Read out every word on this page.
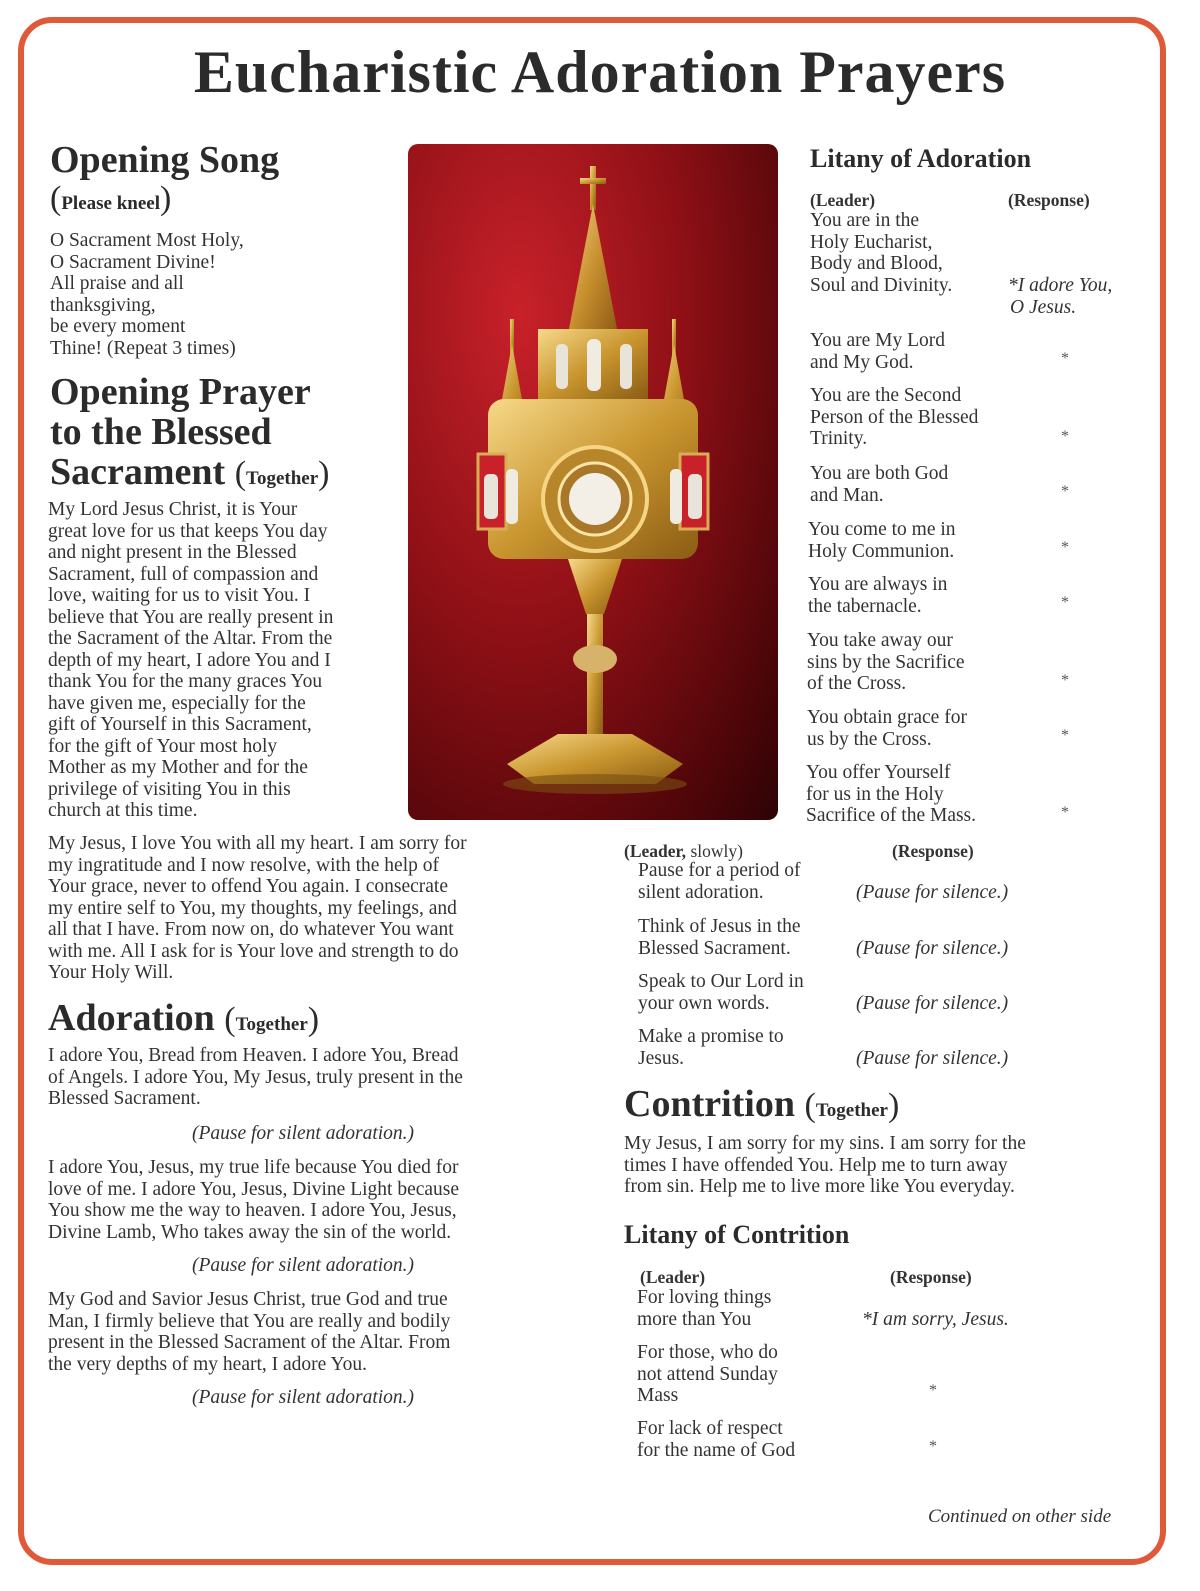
Eucharistic Adoration Prayers
Opening Song
(Please kneel)
O Sacrament Most Holy,
O Sacrament Divine!
All praise and all
thanksgiving,
be every moment
Thine! (Repeat 3 times)
Opening Prayer
to the Blessed
Sacrament (Together)
My Lord Jesus Christ, it is Your
great love for us that keeps You day
and night present in the Blessed
Sacrament, full of compassion and
love, waiting for us to visit You. I
believe that You are really present in
the Sacrament of the Altar. From the
depth of my heart, I adore You and I
thank You for the many graces You
have given me, especially for the
gift of Yourself in this Sacrament,
for the gift of Your most holy
Mother as my Mother and for the
privilege of visiting You in this
church at this time.
My Jesus, I love You with all my heart. I am sorry for
my ingratitude and I now resolve, with the help of
Your grace, never to offend You again. I consecrate
my entire self to You, my thoughts, my feelings, and
all that I have. From now on, do whatever You want
with me. All I ask for is Your love and strength to do
Your Holy Will.
Adoration (Together)
I adore You, Bread from Heaven. I adore You, Bread
of Angels. I adore You, My Jesus, truly present in the
Blessed Sacrament.
(Pause for silent adoration.)
I adore You, Jesus, my true life because You died for
love of me. I adore You, Jesus, Divine Light because
You show me the way to heaven. I adore You, Jesus,
Divine Lamb, Who takes away the sin of the world.
(Pause for silent adoration.)
My God and Savior Jesus Christ, true God and true
Man, I firmly believe that You are really and bodily
present in the Blessed Sacrament of the Altar. From
the very depths of my heart, I adore You.
(Pause for silent adoration.)
Litany of Adoration
(Leader)	(Response)
You are in the
Holy Eucharist,
Body and Blood,
Soul and Divinity.	*I adore You,
O Jesus.
You are My Lord
and My God.	*
You are the Second
Person of the Blessed
Trinity.	*
You are both God
and Man.	*
You come to me in
Holy Communion.	*
You are always in
the tabernacle.	*
You take away our
sins by the Sacrifice
of the Cross.	*
You obtain grace for
us by the Cross.	*
You offer Yourself
for us in the Holy
Sacrifice of the Mass.	*
(Leader, slowly)	(Response)
Pause for a period of
silent adoration.	(Pause for silence.)
Think of Jesus in the
Blessed Sacrament.	(Pause for silence.)
Speak to Our Lord in
your own words.	(Pause for silence.)
Make a promise to
Jesus.	(Pause for silence.)
Contrition (Together)
My Jesus, I am sorry for my sins. I am sorry for the
times I have offended You. Help me to turn away
from sin. Help me to live more like You everyday.
Litany of Contrition
(Leader)	(Response)
For loving things
more than You	*I am sorry, Jesus.
For those, who do
not attend Sunday
Mass	*
For lack of respect
for the name of God	*
Continued on other side
